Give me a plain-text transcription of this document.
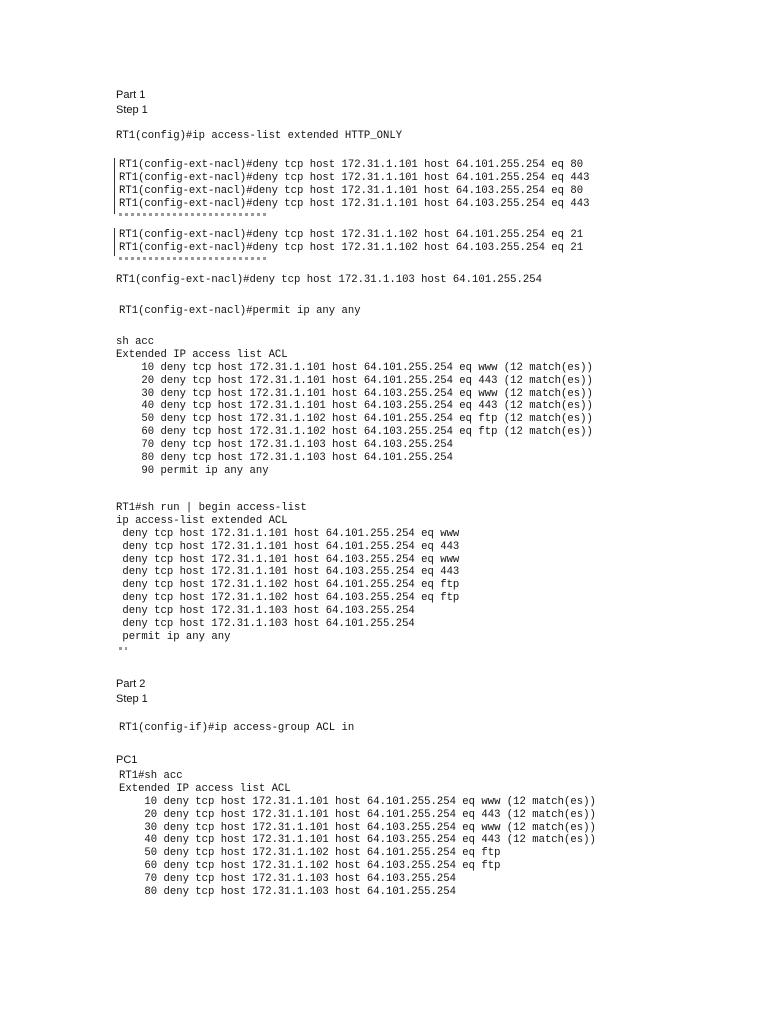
Part 1
Step 1
RT1(config)#ip access-list extended HTTP_ONLY
RT1(config-ext-nacl)#deny tcp host 172.31.1.101 host 64.101.255.254 eq 80
RT1(config-ext-nacl)#deny tcp host 172.31.1.101 host 64.101.255.254 eq 443
RT1(config-ext-nacl)#deny tcp host 172.31.1.101 host 64.103.255.254 eq 80
RT1(config-ext-nacl)#deny tcp host 172.31.1.101 host 64.103.255.254 eq 443
RT1(config-ext-nacl)#deny tcp host 172.31.1.102 host 64.101.255.254 eq 21
RT1(config-ext-nacl)#deny tcp host 172.31.1.102 host 64.103.255.254 eq 21
RT1(config-ext-nacl)#deny tcp host 172.31.1.103 host 64.101.255.254
RT1(config-ext-nacl)#permit ip any any
sh acc
Extended IP access list ACL
10 deny tcp host 172.31.1.101 host 64.101.255.254 eq www (12 match(es))
20 deny tcp host 172.31.1.101 host 64.101.255.254 eq 443 (12 match(es))
30 deny tcp host 172.31.1.101 host 64.103.255.254 eq www (12 match(es))
40 deny tcp host 172.31.1.101 host 64.103.255.254 eq 443 (12 match(es))
50 deny tcp host 172.31.1.102 host 64.101.255.254 eq ftp (12 match(es))
60 deny tcp host 172.31.1.102 host 64.103.255.254 eq ftp (12 match(es))
70 deny tcp host 172.31.1.103 host 64.103.255.254
80 deny tcp host 172.31.1.103 host 64.101.255.254
90 permit ip any any
RT1#sh run | begin access-list
ip access-list extended ACL
deny tcp host 172.31.1.101 host 64.101.255.254 eq www
deny tcp host 172.31.1.101 host 64.101.255.254 eq 443
deny tcp host 172.31.1.101 host 64.103.255.254 eq www
deny tcp host 172.31.1.101 host 64.103.255.254 eq 443
deny tcp host 172.31.1.102 host 64.101.255.254 eq ftp
deny tcp host 172.31.1.102 host 64.103.255.254 eq ftp
deny tcp host 172.31.1.103 host 64.103.255.254
deny tcp host 172.31.1.103 host 64.101.255.254
permit ip any any
Part 2
Step 1
RT1(config-if)#ip access-group ACL in
PC1
RT1#sh acc
Extended IP access list ACL
10 deny tcp host 172.31.1.101 host 64.101.255.254 eq www (12 match(es))
20 deny tcp host 172.31.1.101 host 64.101.255.254 eq 443 (12 match(es))
30 deny tcp host 172.31.1.101 host 64.103.255.254 eq www (12 match(es))
40 deny tcp host 172.31.1.101 host 64.103.255.254 eq 443 (12 match(es))
50 deny tcp host 172.31.1.102 host 64.101.255.254 eq ftp
60 deny tcp host 172.31.1.102 host 64.103.255.254 eq ftp
70 deny tcp host 172.31.1.103 host 64.103.255.254
80 deny tcp host 172.31.1.103 host 64.101.255.254
